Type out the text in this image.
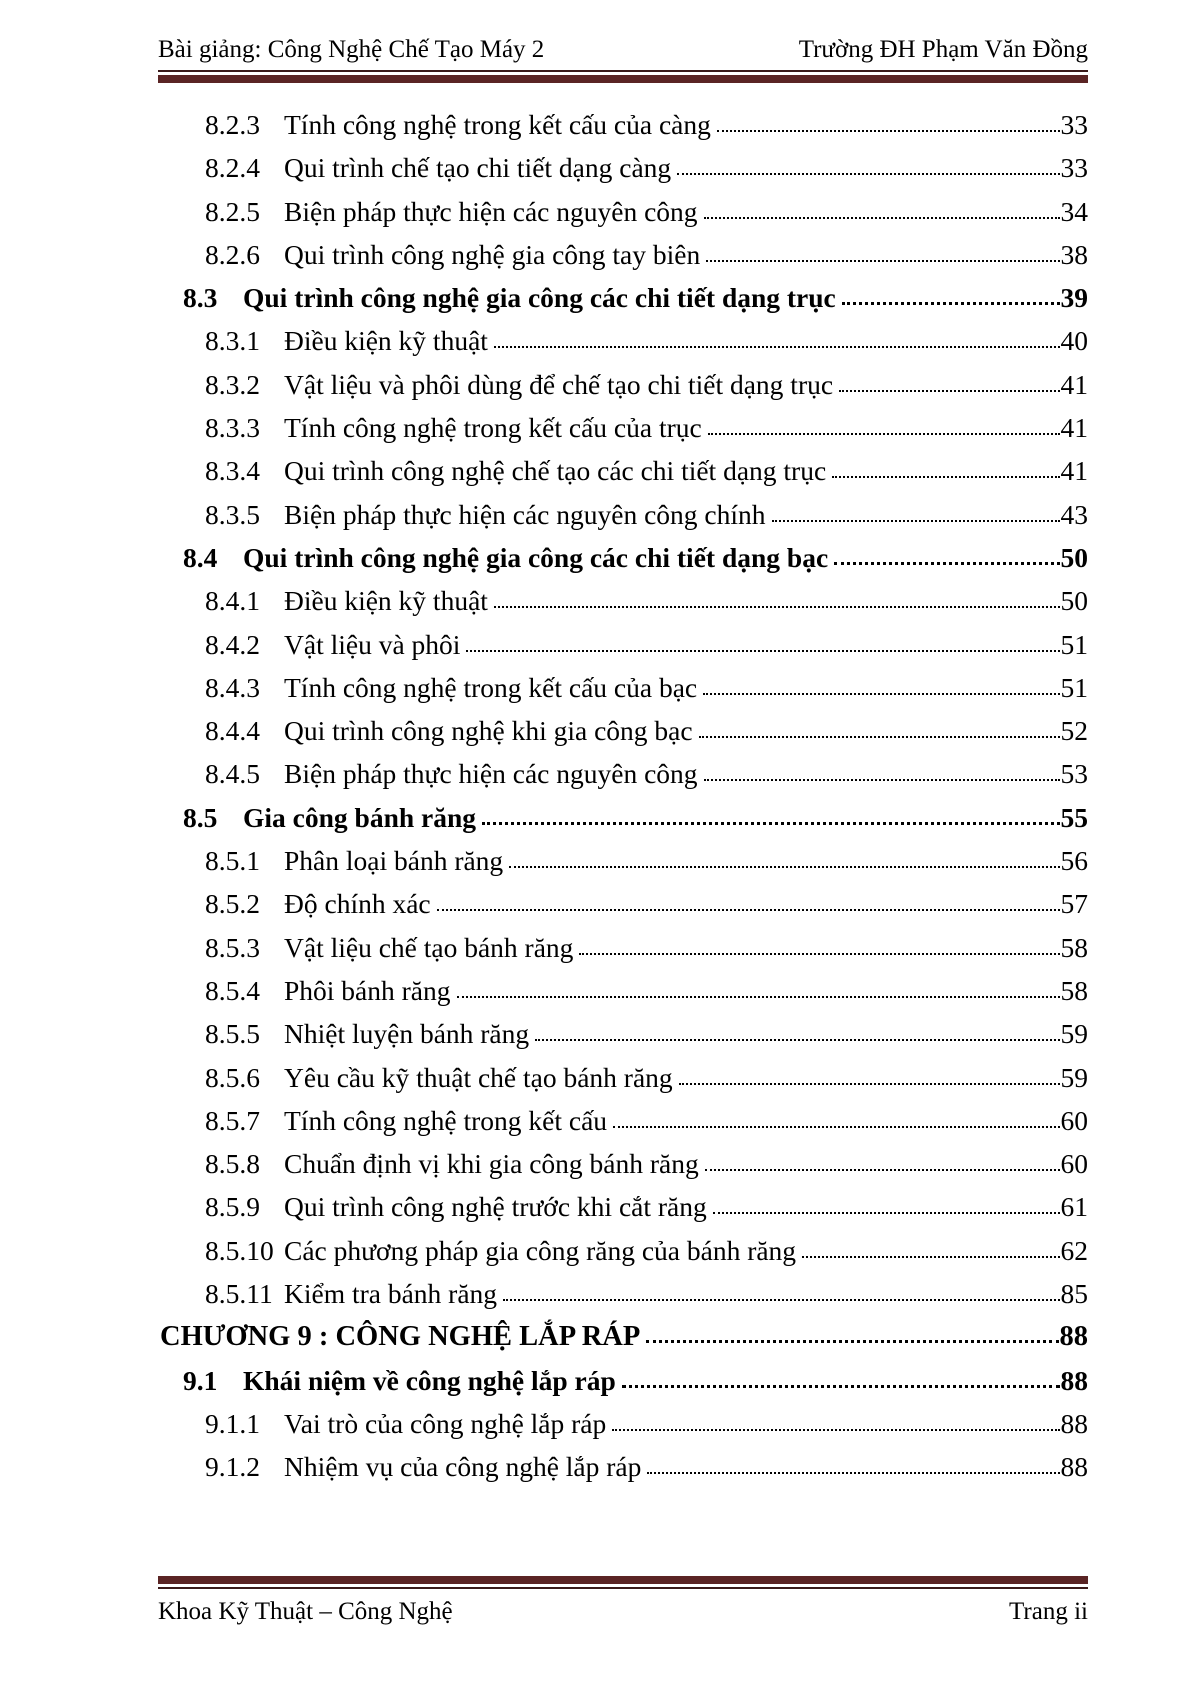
Bài giảng: Công Nghệ Chế Tạo Máy 2	Trường ĐH Phạm Văn Đồng
8.2.3 Tính công nghệ trong kết cấu của càng	33
8.2.4 Qui trình chế tạo chi tiết dạng càng	33
8.2.5 Biện pháp thực hiện các nguyên công	34
8.2.6 Qui trình công nghệ gia công tay biên	38
8.3 Qui trình công nghệ gia công các chi tiết dạng trục	39
8.3.1 Điều kiện kỹ thuật	40
8.3.2 Vật liệu và phôi dùng để chế tạo chi tiết dạng trục	41
8.3.3 Tính công nghệ trong kết cấu của trục	41
8.3.4 Qui trình công nghệ chế tạo các chi tiết dạng trục	41
8.3.5 Biện pháp thực hiện các nguyên công chính	43
8.4 Qui trình công nghệ gia công các chi tiết dạng bạc	50
8.4.1 Điều kiện kỹ thuật	50
8.4.2 Vật liệu và phôi	51
8.4.3 Tính công nghệ trong kết cấu của bạc	51
8.4.4 Qui trình công nghệ khi gia công bạc	52
8.4.5 Biện pháp thực hiện các nguyên công	53
8.5 Gia công bánh răng	55
8.5.1 Phân loại bánh răng	56
8.5.2 Độ chính xác	57
8.5.3 Vật liệu chế tạo bánh răng	58
8.5.4 Phôi bánh răng	58
8.5.5 Nhiệt luyện bánh răng	59
8.5.6 Yêu cầu kỹ thuật chế tạo bánh răng	59
8.5.7 Tính công nghệ trong kết cấu	60
8.5.8 Chuẩn định vị khi gia công bánh răng	60
8.5.9 Qui trình công nghệ trước khi cắt răng	61
8.5.10 Các phương pháp gia công răng của bánh răng	62
8.5.11 Kiểm tra bánh răng	85
CHƯƠNG 9 : CÔNG NGHỆ LẮP RÁP	88
9.1 Khái niệm về công nghệ lắp ráp	88
9.1.1 Vai trò của công nghệ lắp ráp	88
9.1.2 Nhiệm vụ của công nghệ lắp ráp	88
Khoa Kỹ Thuật – Công Nghệ	Trang ii
